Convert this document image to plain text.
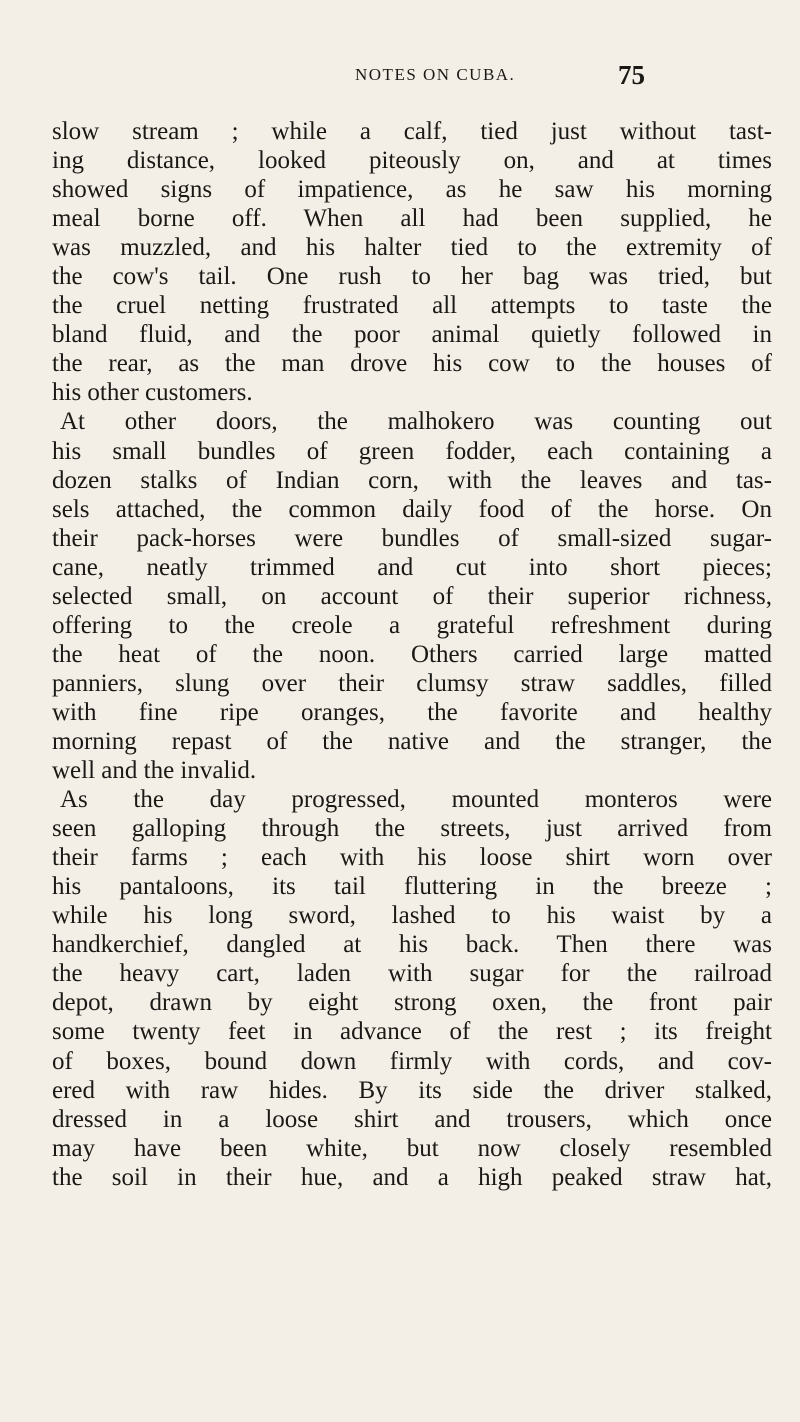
NOTES ON CUBA.	75
slow stream ; while a calf, tied just without tast-
ing distance, looked piteously on, and at times
showed signs of impatience, as he saw his morning
meal borne off. When all had been supplied, he
was muzzled, and his halter tied to the extremity of
the cow's tail. One rush to her bag was tried, but
the cruel netting frustrated all attempts to taste the
bland fluid, and the poor animal quietly followed in
the rear, as the man drove his cow to the houses of
his other customers.
At other doors, the malhokero was counting out
his small bundles of green fodder, each containing a
dozen stalks of Indian corn, with the leaves and tas-
sels attached, the common daily food of the horse. On
their pack-horses were bundles of small-sized sugar-
cane, neatly trimmed and cut into short pieces;
selected small, on account of their superior richness,
offering to the creole a grateful refreshment during
the heat of the noon. Others carried large matted
panniers, slung over their clumsy straw saddles, filled
with fine ripe oranges, the favorite and healthy
morning repast of the native and the stranger, the
well and the invalid.
As the day progressed, mounted monteros were
seen galloping through the streets, just arrived from
their farms ; each with his loose shirt worn over
his pantaloons, its tail fluttering in the breeze ;
while his long sword, lashed to his waist by a
handkerchief, dangled at his back. Then there was
the heavy cart, laden with sugar for the railroad
depot, drawn by eight strong oxen, the front pair
some twenty feet in advance of the rest ; its freight
of boxes, bound down firmly with cords, and cov-
ered with raw hides. By its side the driver stalked,
dressed in a loose shirt and trousers, which once
may have been white, but now closely resembled
the soil in their hue, and a high peaked straw hat,
